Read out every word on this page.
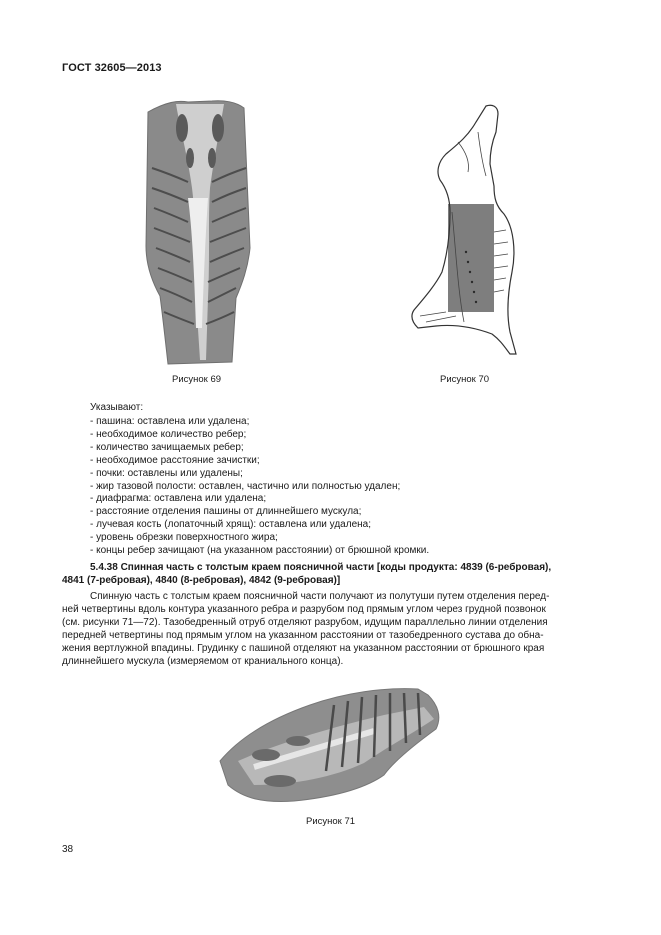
ГОСТ 32605—2013
Рисунок 69	Рисунок 70
Указывают:
- пашина: оставлена или удалена;
- необходимое количество ребер;
- количество зачищаемых ребер;
- необходимое расстояние зачистки;
- почки: оставлены или удалены;
- жир тазовой полости: оставлен, частично или полностью удален;
- диафрагма: оставлена или удалена;
- расстояние отделения пашины от длиннейшего мускула;
- лучевая кость (лопаточный хрящ): оставлена или удалена;
- уровень обрезки поверхностного жира;
- концы ребер зачищают (на указанном расстоянии) от брюшной кромки.
5.4.38 Спинная часть с толстым краем поясничной части [коды продукта: 4839 (6-ребровая),
4841 (7-ребровая), 4840 (8-ребровая), 4842 (9-ребровая)]
Спинную часть с толстым краем поясничной части получают из полутуши путем отделения перед-
ней четвертины вдоль контура указанного ребра и разрубом под прямым углом через грудной позвонок
(см. рисунки 71—72). Тазобедренный отруб отделяют разрубом, идущим параллельно линии отделения
передней четвертины под прямым углом на указанном расстоянии от тазобедренного сустава до обна-
жения вертлужной впадины. Грудинку с пашиной отделяют на указанном расстоянии от брюшного края
длиннейшего мускула (измеряемом от краниального конца).
Рисунок 71
38
